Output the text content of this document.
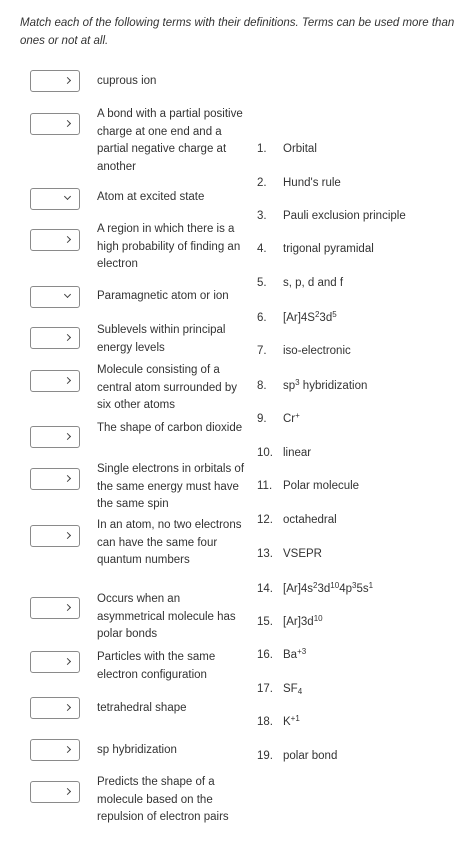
Match each of the following terms with their definitions. Terms can be used more than ones or not at all.
cuprous ion
A bond with a partial positive charge at one end and a partial negative charge at another
Atom at excited state
A region in which there is a high probability of finding an electron
Paramagnetic atom or ion
Sublevels within principal energy levels
Molecule consisting of a central atom surrounded by six other atoms
The shape of carbon dioxide
Single electrons in orbitals of the same energy must have the same spin
In an atom, no two electrons can have the same four quantum numbers
Occurs when an asymmetrical molecule has polar bonds
Particles with the same electron configuration
tetrahedral shape
sp hybridization
Predicts the shape of a molecule based on the repulsion of electron pairs
1. Orbital
2. Hund's rule
3. Pauli exclusion principle
4. trigonal pyramidal
5. s, p, d and f
6. $[Ar]4S^23d^5$
7. iso-electronic
8. $sp^3$ hybridization
9. Cr+
10. linear
11. Polar molecule
12. octahedral
13. VSEPR
14. $[Ar]4s^23d^{10}4p^35s^1$
15. $[Ar]3d^{10}$
16. $Ba^{+3}$
17. $SF_4$
18. $K^{+1}$
19. polar bond
